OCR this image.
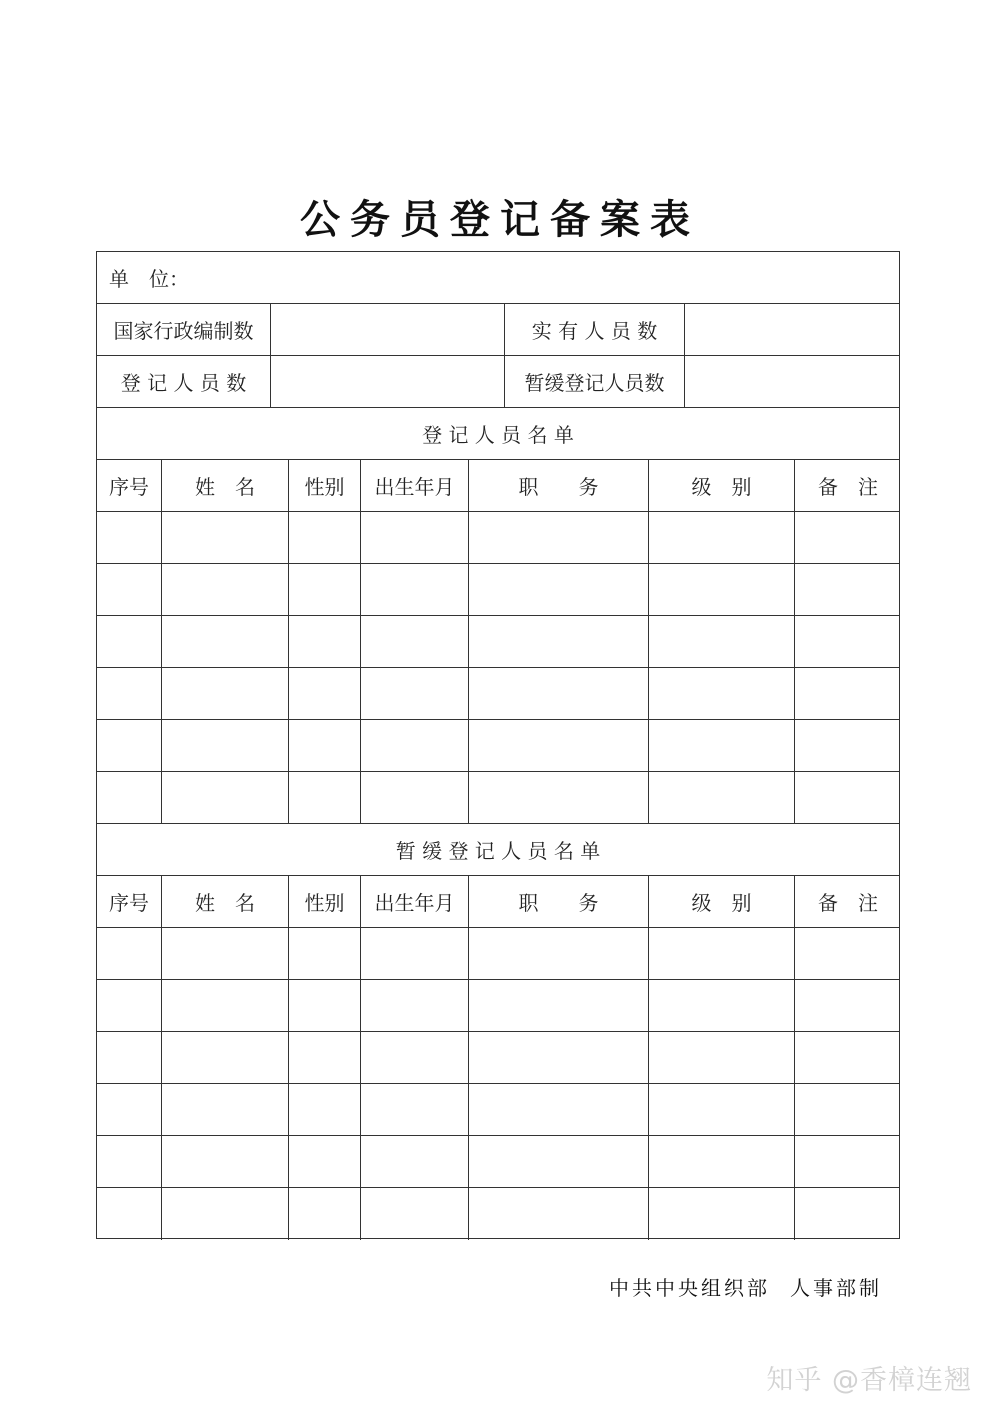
公务员登记备案表
单　位：
国家行政编制数	实 有 人 员 数
登 记 人 员 数	暂缓登记人员数
登 记 人 员 名 单
序号	姓　名	性别	出生年月	职　　务	级　别	备　注
暂 缓 登 记 人 员 名 单
序号	姓　名	性别	出生年月	职　　务	级　别	备　注
中共中央组织部 人事部制
知乎 @香樟连翘
